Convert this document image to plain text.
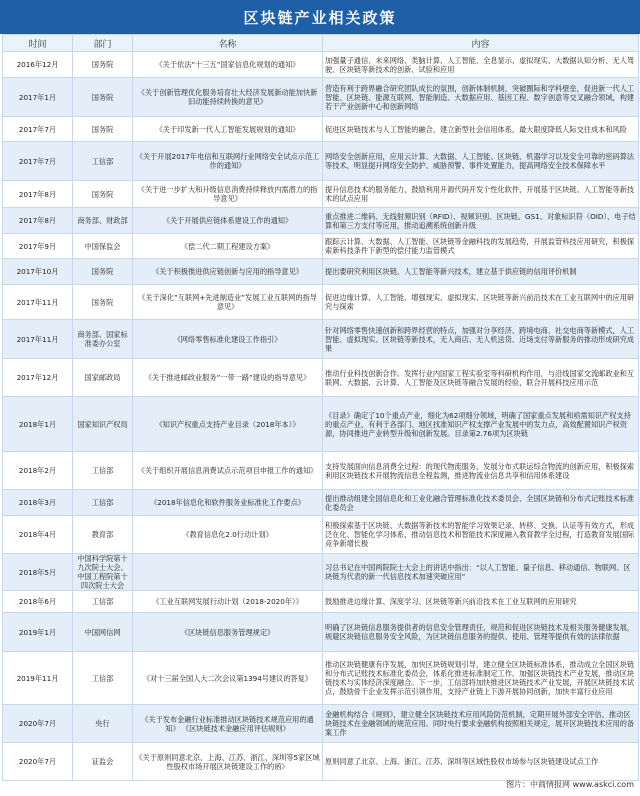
区块链产业相关政策
时间	部门	名称	内容
2016年12月	国务院	《关于依法”十三五”国家信息化规划的通知》	加强量子通信、未来网络、类脑计算、人工智能、全息显示、虚拟现实、大数据认知分析、无人驾驶、区块链等新技术的创新、试验和应用
2017年1月	国务院	《关于创新管理优化服务培育壮大经济发展新动能加快新旧动能持续转换的意见》	营造有利于跨界融合研究团队成长的氛围，创新体制机制，突破圈际和学科壁垒，促进新一代人工智能、区块链、能源互联网、智能制造、大数据应用、基因工程、数字创意等交叉融合领域，构建若干产业创新中心和创新网络
2017年7月	国务院	《关于印发新一代人工智能发展规划的通知》	促进区块链技术与人工智能的融合，建立新型社会信用体系，最大限度降低人际交往成本和风险
2017年7月	工信部	《关于开展2017年电信和互联网行业网络安全试点示范工作的通知》	网络安全创新应用，应用云计算、大数据、人工智能、区块链、机器学习以及安全可靠的密码算法等技术，明显提升网络安全防护、威胁预警、事件处置能力，提高网络安全技术保障水平
2017年8月	国务院	《关于进一步扩大和升级信息消费持续释放内需潜力的指导意见》	提升信息技术的服务能力，鼓励利用开源代码开发个性化软件，开展基于区块链、人工智能等新技术的试点应用
2017年8月	商务部、财政部	《关于开展供应链体系建设工作的通知》	重点推进二维码、无线射频识别（RFID）、视频识别、区块链、GS1、对象标识符（OID）、电子结算和第三方支付等应用，推动追溯系统创新升级
2017年9月	中国保监会	《偿二代二期工程建设方案》	跟踪云计算、大数据、人工智能、区块链等金融科技的发展趋势，开展监管科技应用研究，积极探索新科技条件下新型的偿付能力监管模式
2017年10月	国务院	《关于积极推进供应链创新与应用的指导意见》	提出要研究利用区块链、人工智能等新兴技术，建立基于供应链的信用评价机制
2017年11月	国务院	《关于深化”互联网+先进制造业”发展工业互联网的指导意见》	促进边缘计算、人工智能、增强现实、虚拟现实、区块链等新兴前沿技术在工业互联网中的应用研究与探索
2017年11月	商务部、国家标准委办公室	《网络零售标准化建设工作指引》	针对网络零售快速创新和跨界经营的特点，加强对分享经济、跨境电商、社交电商等新模式，人工智能、虚拟现实、区块链等新技术，无人商店、无人机送货、近场支付等新服务的推动形成研究成果
2017年12月	国家邮政局	《关于推进邮政业服务”一带一路”建设的指导意见》	推动行业科技创新合作。发挥行业内国家工程实验室等科研机构作用，与沿线国家交流邮政业和互联网、大数据、云计算、人工智能及区块链等融合发展的经验，联合开展科技应用示范
2018年1月	国家知识产权局	《知识产权重点支持产业目录（2018年本）》	《目录》确定了10个重点产业，细化为62项细分领域，明确了国家重点发展和亟需知识产权支持的重点产业，有利于各部门、地区找准知识产权支撑产业发展中的发力点，高效配置知识产权资源，协同推进产业转型升级和创新发展。目录第2.76项为区块链
2018年2月	工信部	《关于组织开展信息消费试点示范项目申报工作的通知》	支持发展面向信息消费全过程：的现代物流服务，发展分布式联运综合物流的创新应用，积极探索利用区块链技术开展物流信息全程监测，推进物流业信息共享和信用体系建设
2018年3月	工信部	《2018年信息化和软件服务业标准化工作要点》	提出推动组建全国信息化和工业化融合管理标准化技术委员会、全国区块链和分布式记账技术标准化委员会
2018年4月	教育部	《教育信息化2.0行动计划》	积极探索基于区块链、大数据等新技术的智能学习效果记录、转移、交换、认证等有效方式，形成泛在化、智能化学习体系，推动信息技术和智能技术深度融入教育教学全过程，打造教育发展国际竞争新增长极
2018年5月	中国科学院第十九次院士大会、中国工程院第十四次院士大会		习总书记在中国两院院士大会上的讲话中指出：“以人工智能、量子信息、移动通信、物联网、区块链为代表的新一代信息技术加速突破应用”
2018年6月	工信部	《工业互联网发展行动计划（2018-2020年）》	鼓励推进边缘计算、深度学习、区块链等新兴前沿技术在工业互联网的应用研究
2019年1月	中国网信网	《区块链信息服务管理规定》	明确了区块链信息服务提供者的信息安全管理责任，规范和促进区块链技术及相关服务健康发展，规避区块链信息服务安全风险，为区块链信息服务的提供、使用、管理等提供有效的法律依据
2019年11月	工信部	《对十三届全国人大二次会议第1394号建议的答复》	推动区块链健康有序发展，加快区块链规划引导，建立健全区块链标准体系，推动成立全国区块链和分布式记账技术标准化委员会，体系化推进标准制定工作。加强区块链技术产业发展，推动区块链技术与实体经济深度融合。下一步，工信部将加快推进区块链技术产业发展，开展区块链技术试点，鼓励骨干企业发挥示范引领作用，支持产业链上下游开展协同创新，加快丰富行业应用
2020年7月	央行	《关于发布金融行业标准推动区块链技术规范应用的通知》 《区块链技术金融应用评估规则》	金融机构结合《规则》，建立健全区块链技术应用风险防范机制，定期开展外部安全评估，推动区块链技术在金融领域的规范应用。同时央行要求金融机构按照相关规定，展开区块链技术应用的备案工作
2020年7月	证监会	《关于原则同意北京、上海、江苏、浙江、深圳等5家区域性股权市场开展区块链建设工作的函》	原则同意了北京、上海、浙江、江苏、深圳等区域性股权市场参与区块链建设试点工作
图片：中商情报网 www.askci.com
